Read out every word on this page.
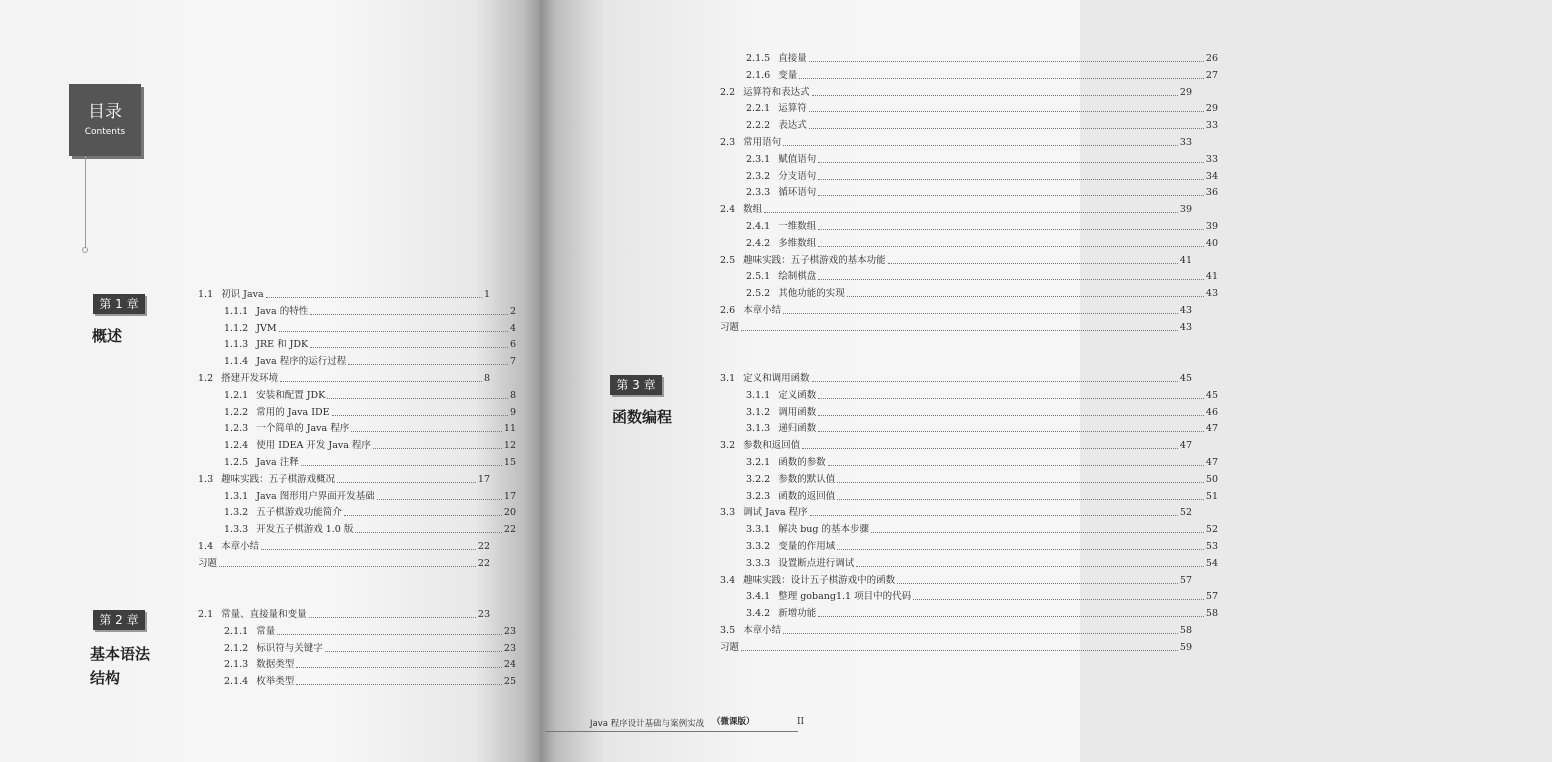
目录
Contents
第 1 章
概述
1.1 初识 Java	1
1.1.1 Java 的特性	2
1.1.2 JVM	4
1.1.3 JRE 和 JDK	6
1.1.4 Java 程序的运行过程	7
1.2 搭建开发环境	8
1.2.1 安装和配置 JDK	8
1.2.2 常用的 Java IDE	9
1.2.3 一个简单的 Java 程序	11
1.2.4 使用 IDEA 开发 Java 程序	12
1.2.5 Java 注释	15
1.3 趣味实践：五子棋游戏概况	17
1.3.1 Java 图形用户界面开发基础	17
1.3.2 五子棋游戏功能简介	20
1.3.3 开发五子棋游戏 1.0 版	22
1.4 本章小结	22
习题	22
第 2 章
基本语法
结构
2.1 常量、直接量和变量	23
2.1.1 常量	23
2.1.2 标识符与关键字	23
2.1.3 数据类型	24
2.1.4 枚举类型	25
2.1.5 直接量	26
2.1.6 变量	27
2.2 运算符和表达式	29
2.2.1 运算符	29
2.2.2 表达式	33
2.3 常用语句	33
2.3.1 赋值语句	33
2.3.2 分支语句	34
2.3.3 循环语句	36
2.4 数组	39
2.4.1 一维数组	39
2.4.2 多维数组	40
2.5 趣味实践：五子棋游戏的基本功能	41
2.5.1 绘制棋盘	41
2.5.2 其他功能的实现	43
2.6 本章小结	43
习题	43
第 3 章
函数编程
3.1 定义和调用函数	45
3.1.1 定义函数	45
3.1.2 调用函数	46
3.1.3 递归函数	47
3.2 参数和返回值	47
3.2.1 函数的参数	47
3.2.2 参数的默认值	50
3.2.3 函数的返回值	51
3.3 调试 Java 程序	52
3.3.1 解决 bug 的基本步骤	52
3.3.2 变量的作用域	53
3.3.3 设置断点进行调试	54
3.4 趣味实践：设计五子棋游戏中的函数	57
3.4.1 整理 gobang1.1 项目中的代码	57
3.4.2 新增功能	58
3.5 本章小结	58
习题	59
Java 程序设计基础与案例实战 （微课版）	II
